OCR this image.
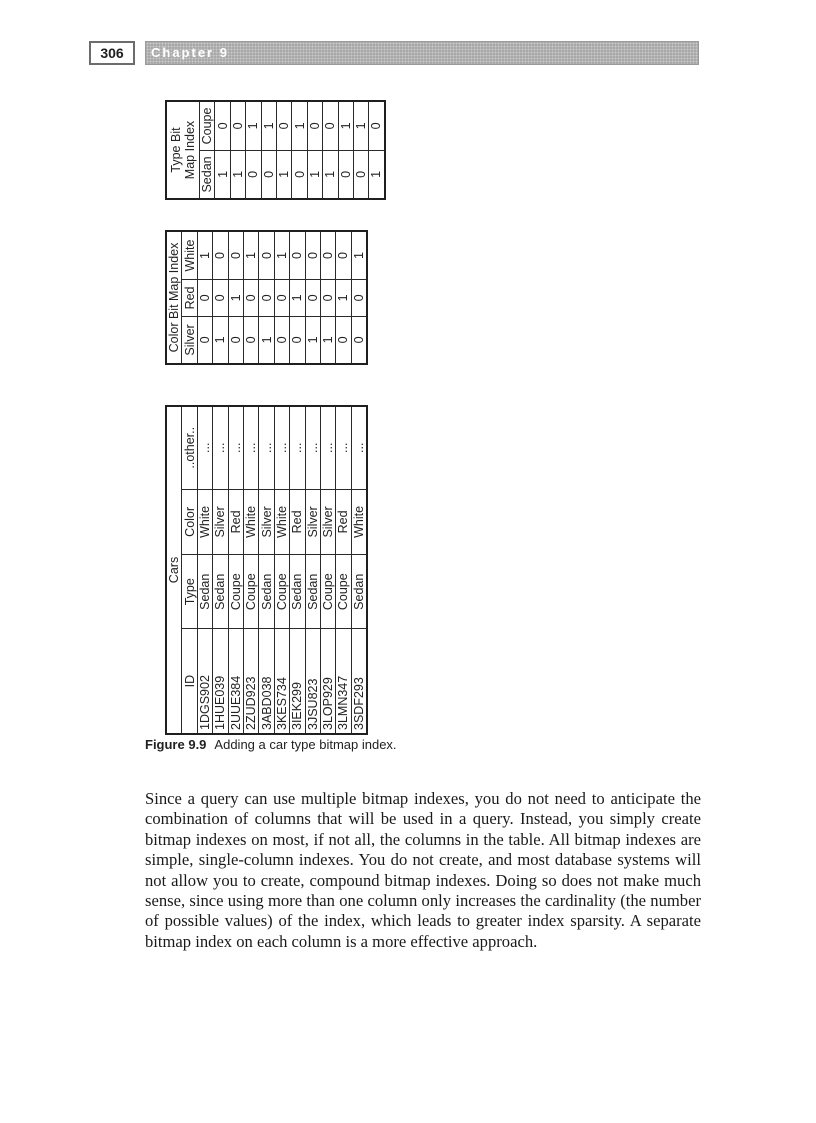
306	Chapter 9
Cars			
ID	Type	Color	..other..
1DGS902	Sedan	White	...
1HUE039	Sedan	Silver	...
2UUE384	Coupe	Red	...
2ZUD923	Coupe	White	...
3ABD038	Sedan	Silver	...
3KES734	Coupe	White	...
3IEK299	Sedan	Red	...
3JSU823	Sedan	Silver	...
3LOP929	Coupe	Silver	...
3LMN347	Coupe	Red	...
3SDF293	Sedan	White	...
Color Bit Map Index		
Silver	Red	White
0	0	1
1	0	0
0	1	0
0	0	1
1	0	0
0	0	1
0	1	0
1	0	0
1	0	0
0	1	0
0	0	1
Type Bit
Map Index	
Sedan	Coupe
1	0
1	0
0	1
0	1
1	0
0	1
1	0
1	0
0	1
0	1
1	0
Figure 9.9 Adding a car type bitmap index.

Since a query can use multiple bitmap indexes, you do not need to anticipate the combination of columns that will be used in a query. Instead, you simply create bitmap indexes on most, if not all, the columns in the table. All bitmap indexes are simple, single-column indexes. You do not create, and most database systems will not allow you to create, compound bitmap indexes. Doing so does not make much sense, since using more than one column only increases the cardinality (the number of possible values) of the index, which leads to greater index sparsity. A separate bitmap index on each column is a more effective approach.
